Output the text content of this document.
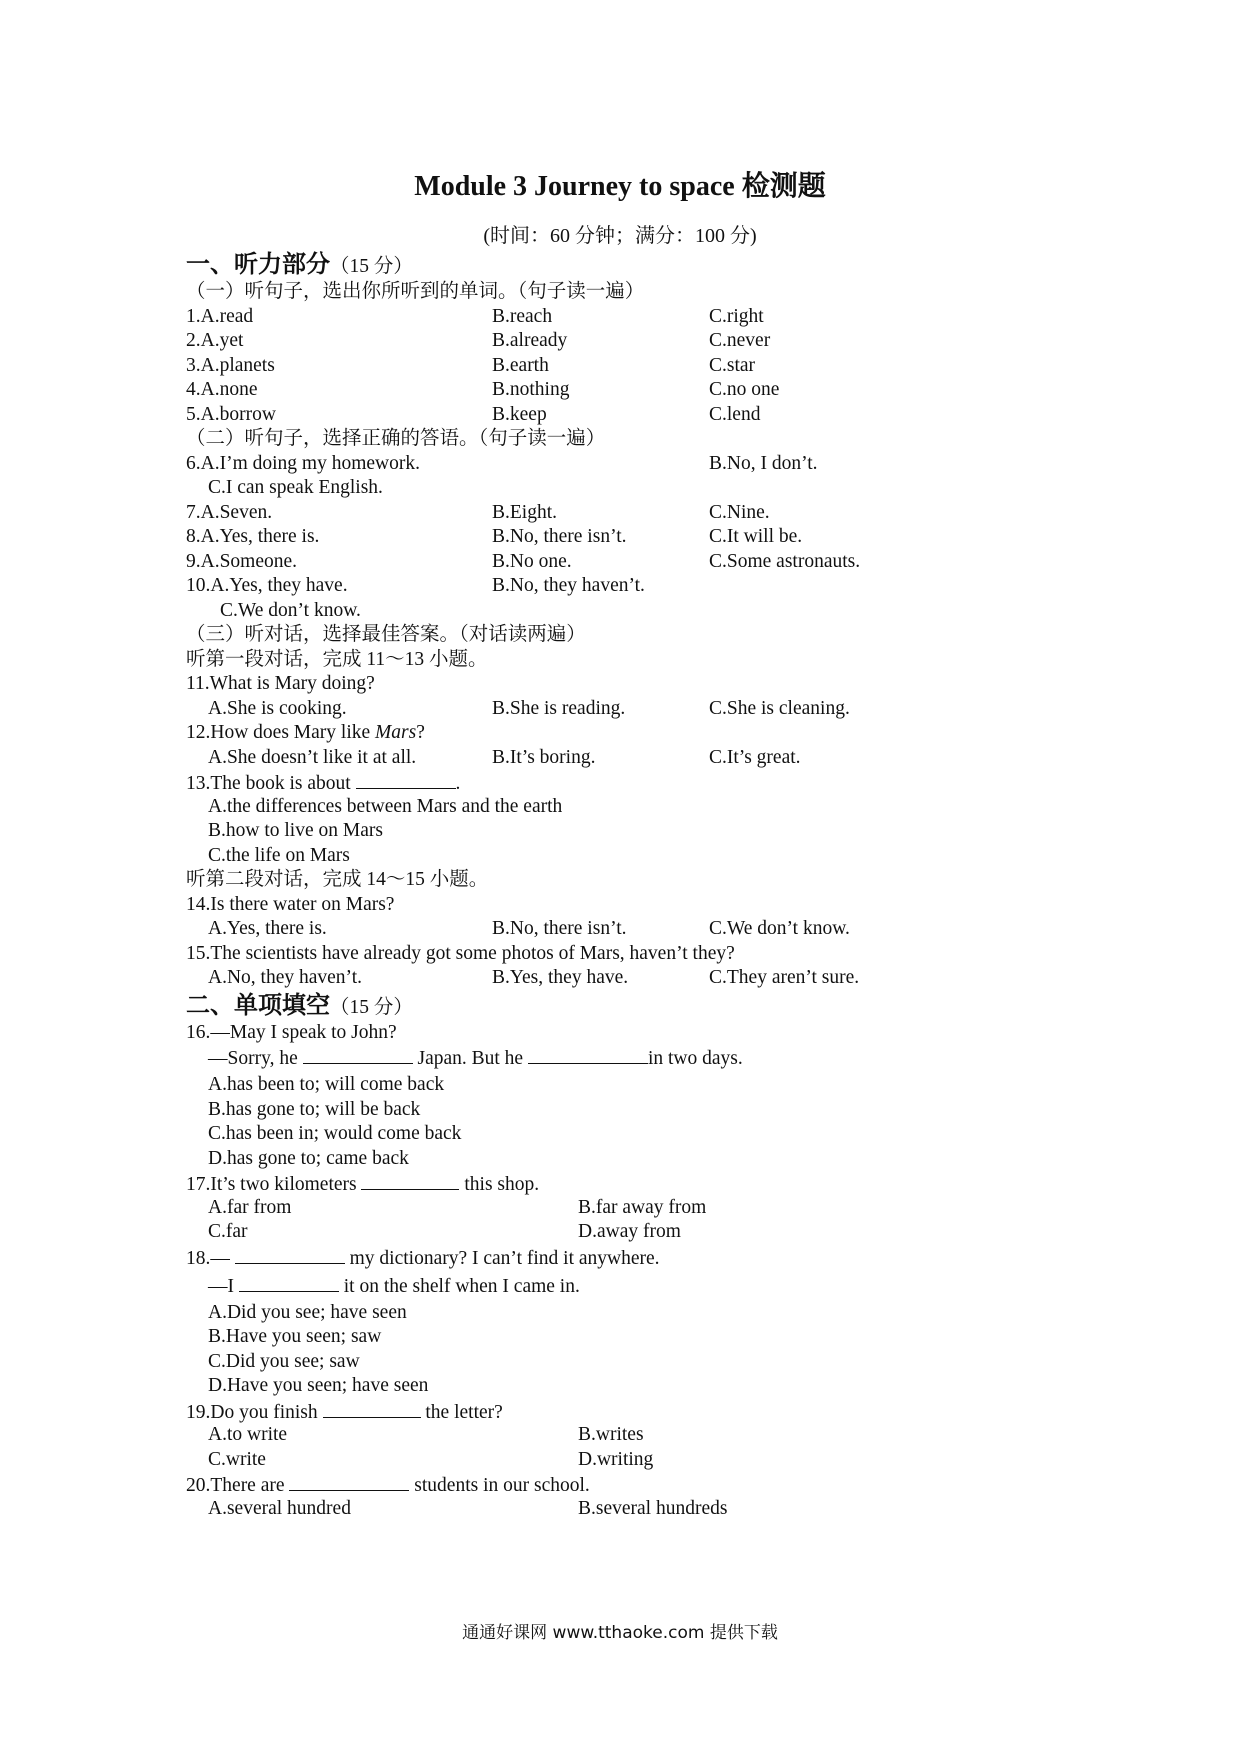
Module 3 Journey to space 检测题
(时间：60 分钟；满分：100 分)
一、听力部分（15 分）
（一）听句子，选出你所听到的单词。（句子读一遍）
1.A.read	B.reach	C.right
2.A.yet	B.already	C.never
3.A.planets	B.earth	C.star
4.A.none	B.nothing	C.no one
5.A.borrow	B.keep	C.lend
（二）听句子，选择正确的答语。（句子读一遍）
6.A.I’m doing my homework.	B.No, I don’t.
C.I can speak English.
7.A.Seven.	B.Eight.	C.Nine.
8.A.Yes, there is.	B.No, there isn’t.	C.It will be.
9.A.Someone.	B.No one.	C.Some astronauts.
10.A.Yes, they have.	B.No, they haven’t.
C.We don’t know.
（三）听对话，选择最佳答案。（对话读两遍）
听第一段对话，完成 11～13 小题。
11.What is Mary doing?
A.She is cooking.	B.She is reading.	C.She is cleaning.
12.How does Mary like Mars?
A.She doesn’t like it at all.	B.It’s boring.	C.It’s great.
13.The book is about	.
A.the differences between Mars and the earth
B.how to live on Mars
C.the life on Mars
听第二段对话，完成 14～15 小题。
14.Is there water on Mars?
A.Yes, there is.	B.No, there isn’t.	C.We don’t know.
15.The scientists have already got some photos of Mars, haven’t they?
A.No, they haven’t.	B.Yes, they have.	C.They aren’t sure.
二、单项填空（15 分）
16.—May I speak to John?
—Sorry, he	Japan. But he	in two days.
A.has been to; will come back
B.has gone to; will be back
C.has been in; would come back
D.has gone to; came back
17.It’s two kilometers	this shop.
A.far from	B.far away from
C.far	D.away from
18.—	my dictionary? I can’t find it anywhere.
—I	it on the shelf when I came in.
A.Did you see; have seen
B.Have you seen; saw
C.Did you see; saw
D.Have you seen; have seen
19.Do you finish	the letter?
A.to write	B.writes
C.write	D.writing
20.There are	students in our school.
A.several hundred	B.several hundreds
通通好课网 www.tthaoke.com 提供下载
